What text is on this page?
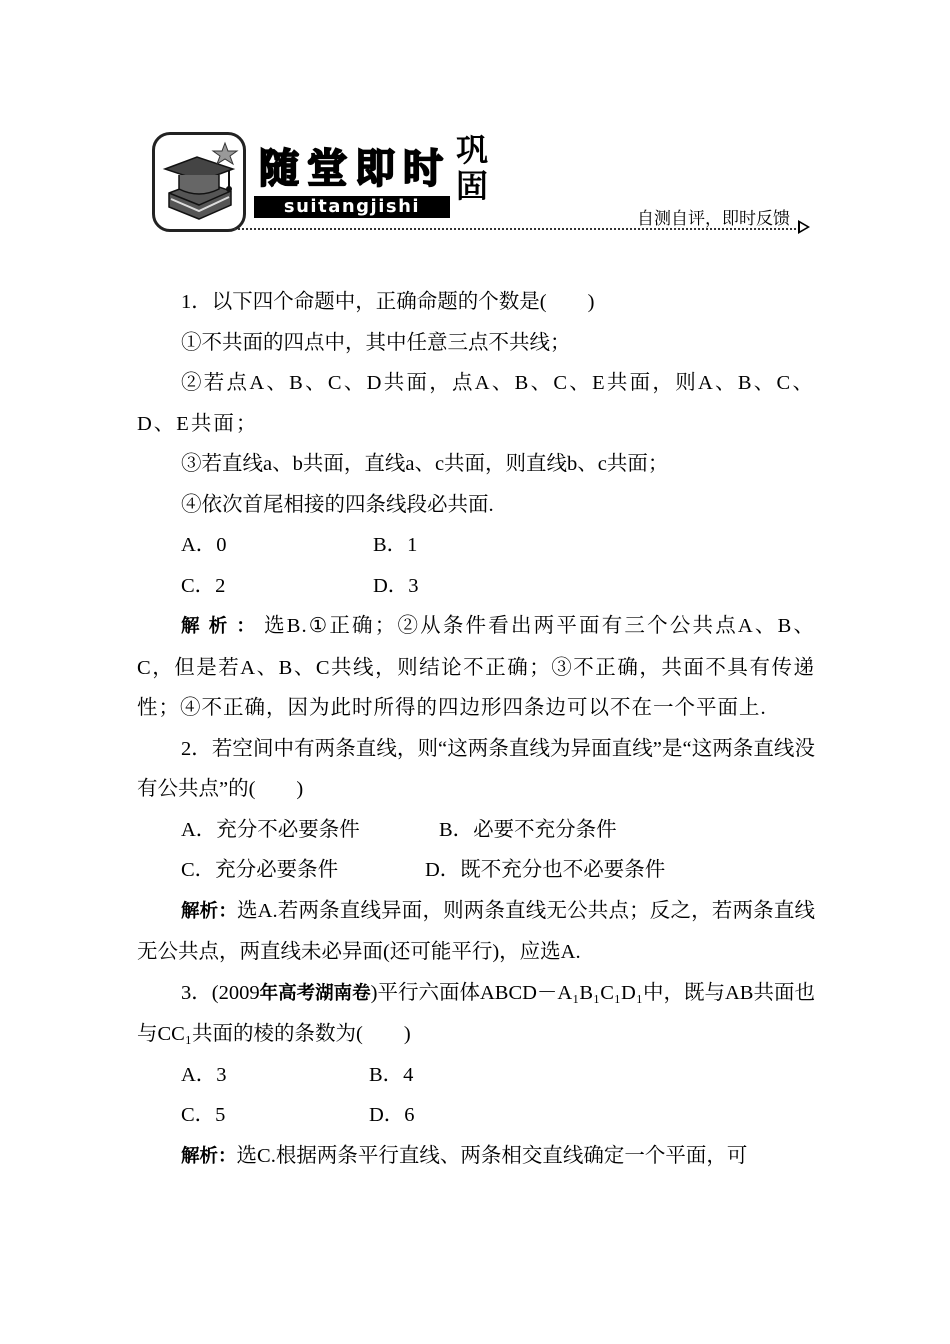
随 堂 即 时 巩固
suitangjishi
自测自评，即时反馈

1．以下四个命题中，正确命题的个数是(　　)

①不共面的四点中，其中任意三点不共线；

②若点A、B、C、D共面，点A、B、C、E共面，则A、B、C、D、E共面；

③若直线a、b共面，直线a、c共面，则直线b、c共面；

④依次首尾相接的四条线段必共面.

A．0	B．1
C．2	D．3

解析：选B.①正确；②从条件看出两平面有三个公共点A、B、C，但是若A、B、C共线，则结论不正确；③不正确，共面不具有传递性；④不正确，因为此时所得的四边形四条边可以不在一个平面上.

2．若空间中有两条直线，则“这两条直线为异面直线”是“这两条直线没有公共点”的(　　)

A．充分不必要条件	B．必要不充分条件
C．充分必要条件	D．既不充分也不必要条件

解析：选A.若两条直线异面，则两条直线无公共点；反之，若两条直线无公共点，两直线未必异面(还可能平行)，应选A.

3．(2009年高考湖南卷)平行六面体ABCD－A₁B₁C₁D₁中，既与AB共面也与CC₁共面的棱的条数为(　　)

A．3	B．4
C．5	D．6

解析：选C.根据两条平行直线、两条相交直线确定一个平面，可
